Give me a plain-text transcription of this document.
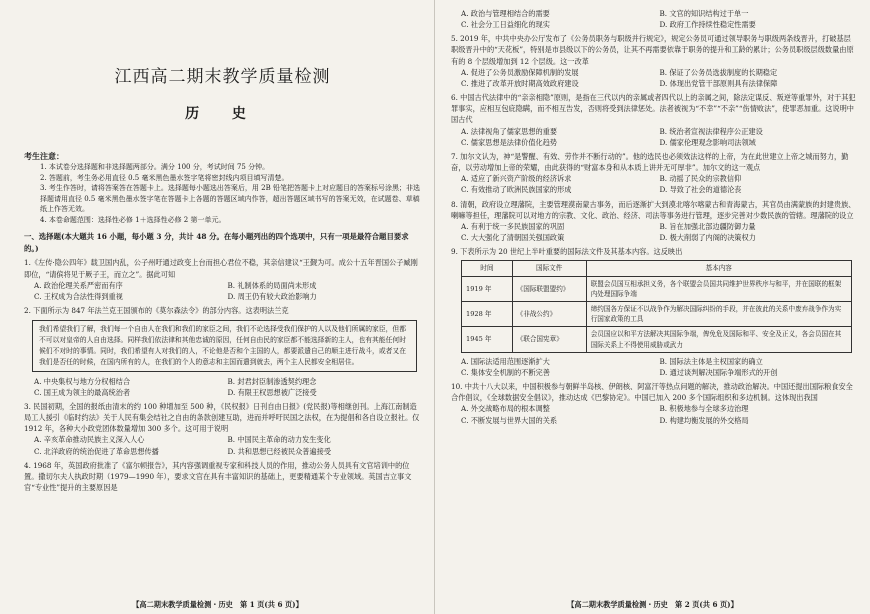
江西高二期末教学质量检测
历 史
考生注意：

1. 本试卷分选择题和非选择题两部分。满分 100 分，考试时间 75 分钟。

2. 答题前，考生务必用直径 0.5 毫米黑色墨水签字笔将密封线内项目填写清楚。

3. 考生作答时，请将答案答在答题卡上。选择题每小题选出答案后，用 2B 铅笔把答题卡上对应题目的答案标号涂黑；非选择题请用直径 0.5 毫米黑色墨水签字笔在答题卡上各题的答题区域内作答，超出答题区域书写的答案无效，在试题卷、草稿纸上作答无效。

4. 本卷命题范围：选择性必修 1＋选择性必修 2 第一单元。

一、选择题(本大题共 16 小题，每小题 3 分，共计 48 分。在每小题列出的四个选项中，只有一项是最符合题目要求的。)
1.《左传·隐公四年》载卫国内乱，公子州吁通过政变上台而担心君位不稳，其亲信建议“王觐为可。成公十五年晋国公子臧刚即位，“请傧将见于厥子王，而立之”。据此可知
A. 政治伦理关系严密而有序	B. 礼制体系的局面尚未形成
C. 王权成为合法性得到重视	D. 周王仍有较大政治影响力
2. 下面所示为 847 年法兰克王国颁布的《莫尔森法令》的部分内容。这表明法兰克
我们希望我们了解，我们每一个自由人在我们和我们的家臣之间，我们不论选择受我们保护的人以及他们所属的家臣，但都不可以对皇帝的人自由选择。同样我们依法律和其他忠诚的原因，任何自由民的家臣都不能选择新的主人，也有其能任何时候们不对时的事情。同时，我们希望有人对我们的人，不论他是否和个主国的人，都要派遣自己的顺主进行战斗，或者又在我们是否任的时候，在国内所有的人，在我们的个人的意志和主国而遣到就去，两个主人民都安全相居住。
A. 中央集权与地方分权相结合	B. 封君封臣制渗透契约理念
C. 国王成为领主的最高统治者	D. 有限王权思想被广泛接受
3. 民国初期，全国的报纸由清末的约 100 种增加至 500 种，《民权报》日刊自由日报》(党民报)等相继创刊。上海江南制造局工人援引《临时约法》关于人民有集会结社之自由的条款创建互助，进而并呼吁民国之法权，在为提倡和各自设立报社。仅 1912 年，各种大小政党团体数量增加 300 多个。这可用于说明
A. 辛亥革命推动民族主义深入人心	B. 中国民主革命的动力发生变化
C. 北洋政府的统治促进了革命思想传播	D. 共和思想已经被民众普遍接受
4. 1968 年，英国政府批准了《富尔顿报告》，其内容强调重视专家和科技人员的作用，推动公务人员具有文官培训中的位置。撒切尔夫人执政时期（1979—1990 年），要求文官在具有丰富知识的基础上，更要精通某个专业领域。英国吉立事文官“专业性”提升的主要原因是
【高二期末教学质量检测・历史　第 1 页(共 6 页)】
A. 政治与管理相结合的需要	B. 文官的知识结构过于单一
C. 社会分工日益细化的现实	D. 政府工作持续性稳定性需要
5. 2019 年，中共中央办公厅发布了《公务员职务与职级并行规定》，规定公务员可通过领导职务与职级两条线晋升，打破基层职级晋升中的“天花板”，特别是市县级以下的公务员，让其不再需要依靠于职务的提升和工龄的累计；公务员职级层级数量由原有的 8 个层级增加到 12 个层级。这一改革
A. 促进了公务员激励保障机制的发展	B. 保证了公务员选拔制度的长期稳定
C. 推进了改革开放时期高效政府建设	D. 体现出党管干部原则具有法律保障
6. 中国古代法律中的“亲亲相隐”原则，是指在三代以内的亲属或者四代以上的亲属之间，除法定谋反、叛逆等重罪外，对于其犯罪事实，应相互包庇隐瞒，而不相互告发，否则将受到法律惩处。法者被视为“不幸”“不亲”“伤情败法”，使罪恶加重。这说明中国古代
A. 法律视角了儒家思想的重要	B. 统治者宣视法律程序公正建设
C. 儒家思想是法律价值化趋势	D. 儒家伦理观念影响司法领域
7. 加尔文认为，神“是警醒、有效、劳作并不断行动的”。他的选民也必须效法这样的上帝，为在此世建立上帝之城而努力，勤奋，以劳动增加上帝的荣耀，由此获得的“财富本身和从本质上讲并无可厚非”。加尔文的这一观点
A. 适应了新兴资产阶级的经济诉求	B. 动摇了民众的宗教信仰
C. 有效推动了欧洲民族国家的形成	D. 导致了社会的道德沦丧
8. 清朝，政府设立理藩院，主要管理漠南蒙古事务，而后逐渐扩大到漠北喀尔喀蒙古和青海蒙古，其官员由满蒙族的封建贵族、喇嘛等担任，理藩院可以对地方的宗教、文化、政治、经济、司法等事务进行管理，逐步完善对少数民族的管辖。理藩院的设立
A. 有利于统一多民族国家的巩固	B. 旨在加强北部边疆防御力量
C. 大大强化了清朝国关强国政策	D. 极大削弱了内阁的决策权力
9. 下表所示为 20 世纪上半叶重要的国际法文件及其基本内容。这反映出
时间	国际文件	基本内容
1919 年	《国际联盟盟约》	联盟会员国互相承担义务，各个联盟会员国共同维护世界秩序与和平，并在国联的框架内处理国际争端
1928 年	《非战公约》	缔约国各方保证不以战争作为解决国际纠纷的手段，并在彼此的关系中废弃战争作为实行国家政策的工具
1945 年	《联合国宪章》	会员国应以和平方法解决其国际争端，俾免危及国际和平、安全及正义，各会员国在其国际关系上不得使用威胁或武力
A. 国际法适用范围逐渐扩大	B. 国际法主体是主权国家的确立
C. 集体安全机制的不断完善	D. 通过谈判解决国际争端形式的开创
10. 中共十八大以来，中国积极参与朝鲜半岛核、伊朗核、阿富汗等热点问题的解决，推动政治解决。中国还提出国际粮食安全合作倡议，《全球数据安全倡议》，推动达成《巴黎协定》。中国已加入 200 多个国际组织和多边机制。这体现出我国
A. 外交战略布局的根本调整	B. 积极地参与全球多边治理
C. 不断发展与世界大国的关系	D. 构建均衡发展的外交格局
【高二期末教学质量检测・历史　第 2 页(共 6 页)】
